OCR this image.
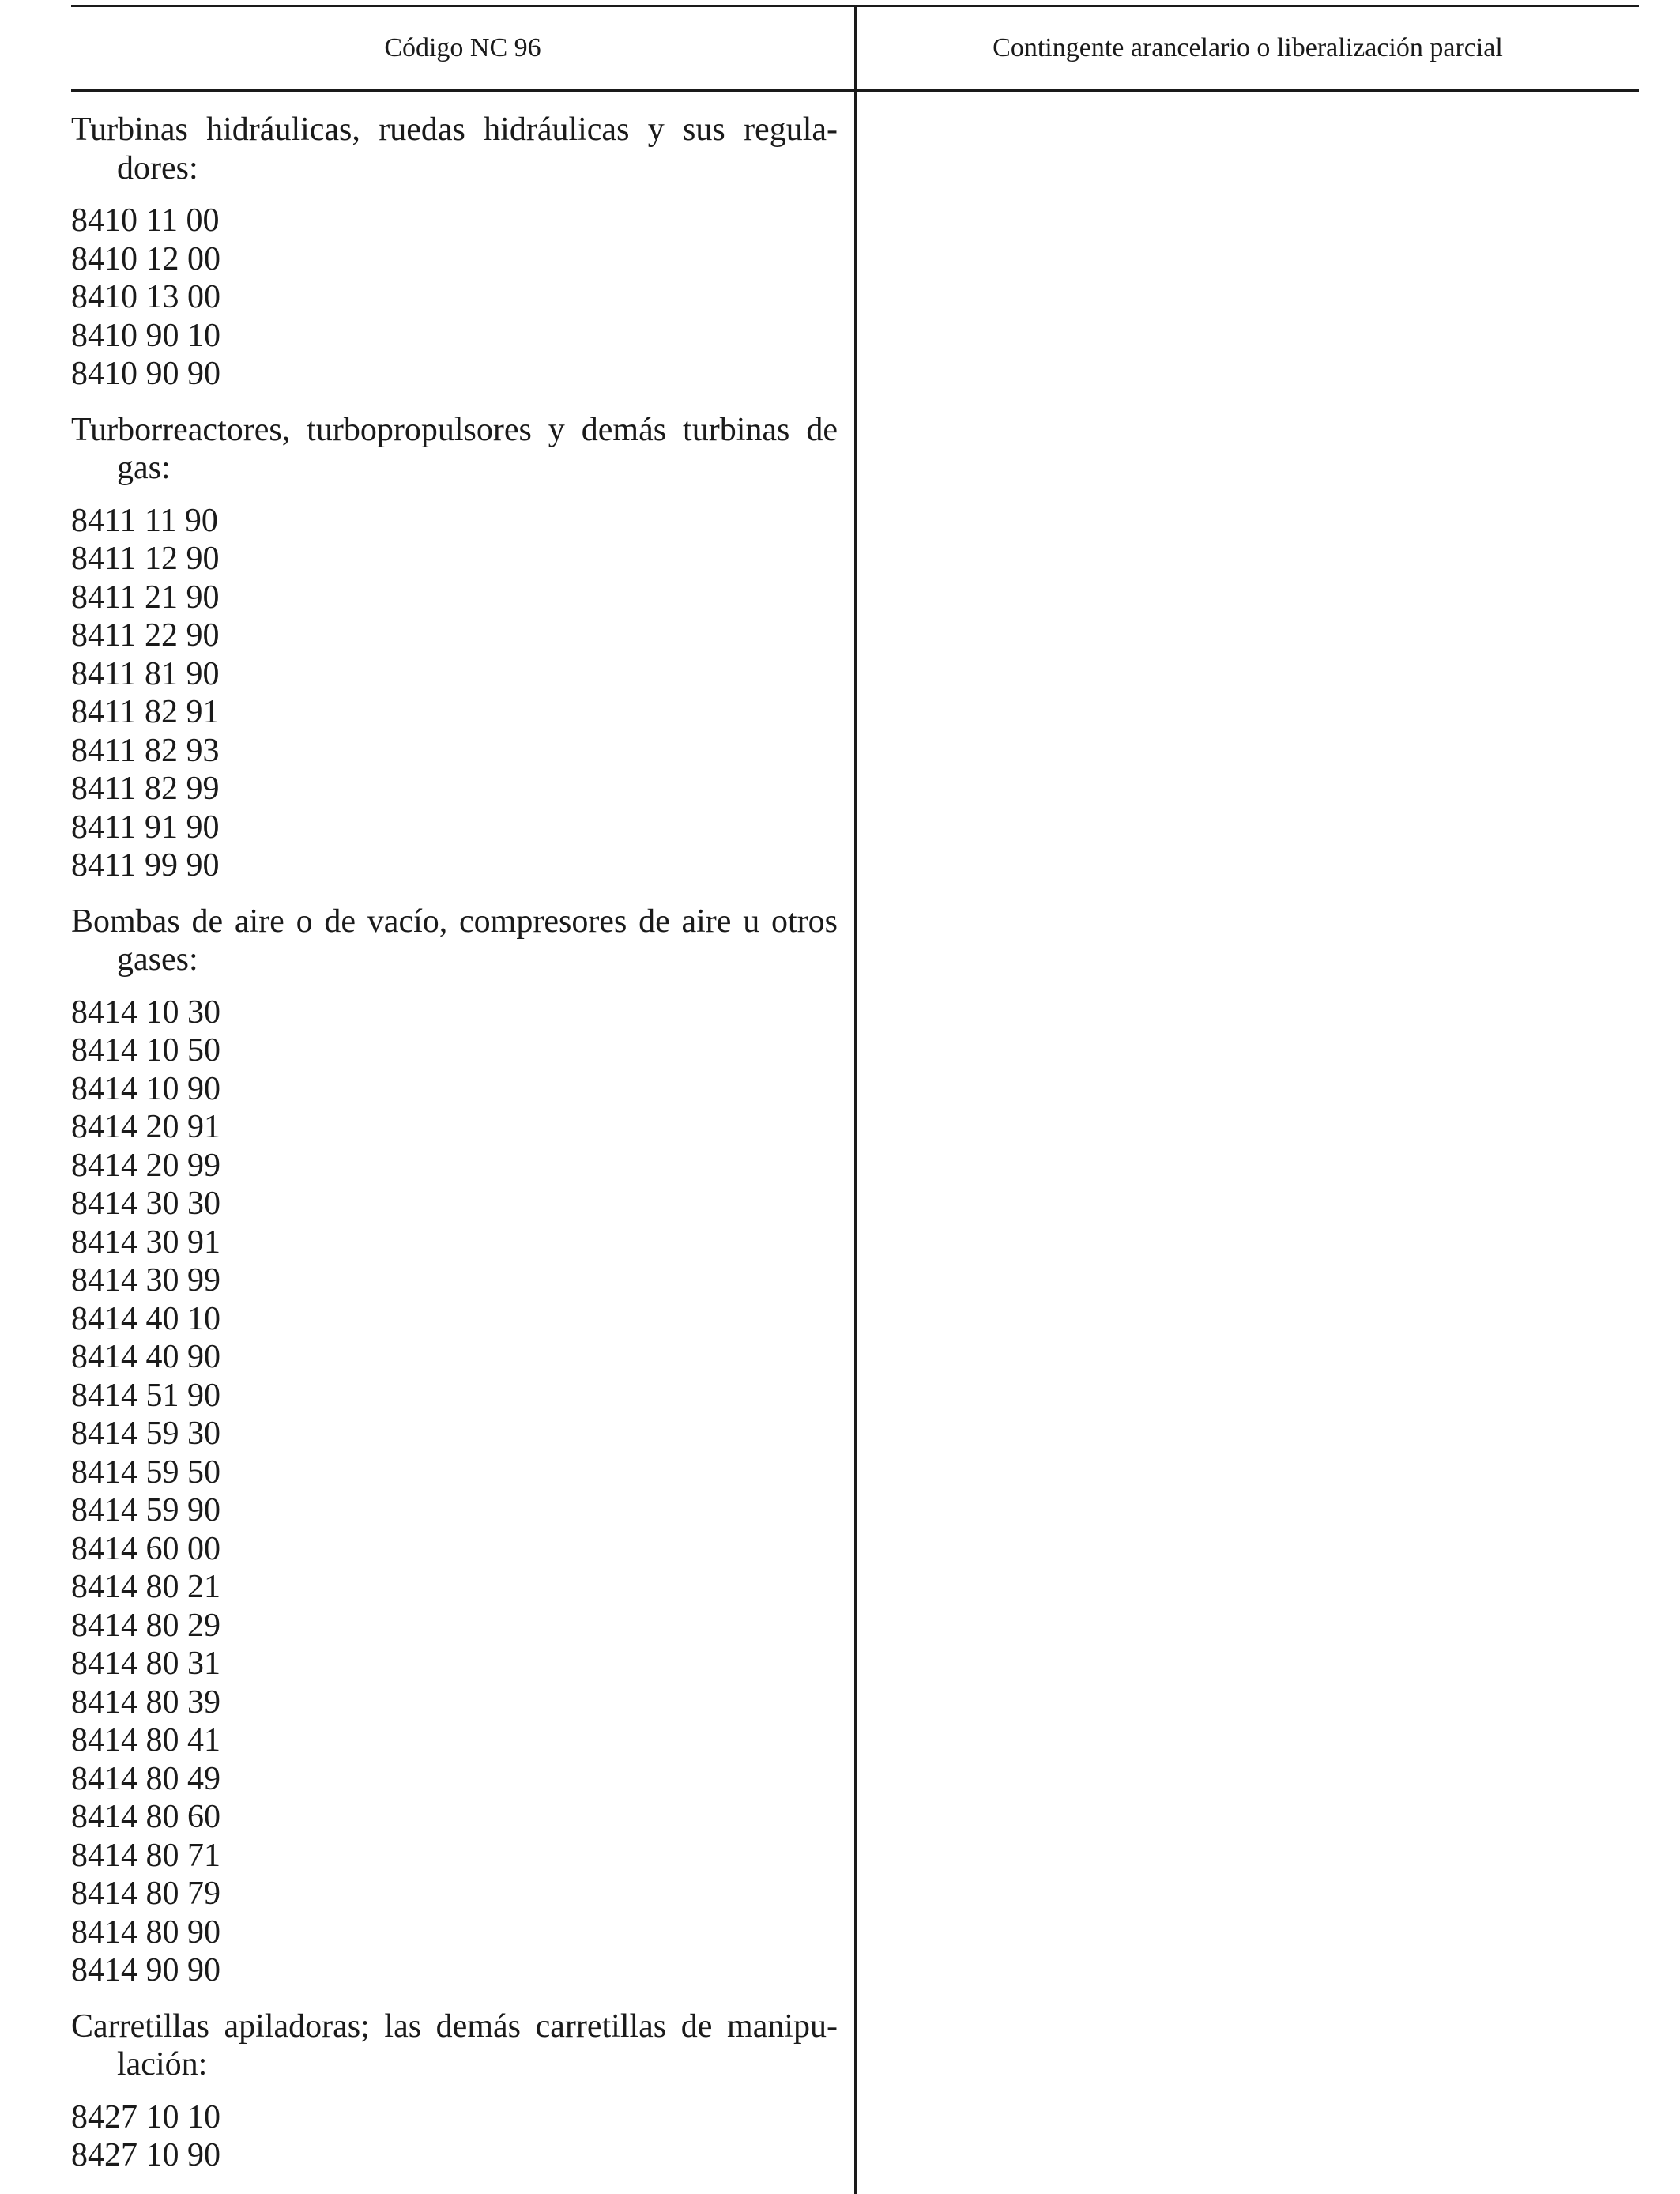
Código NC 96	Contingente arancelario o liberalización parcial
Turbinas hidráulicas, ruedas hidráulicas y sus regula-dores:
8410 11 00
8410 12 00
8410 13 00
8410 90 10
8410 90 90
Turborreactores, turbopropulsores y demás turbinas de gas:
8411 11 90
8411 12 90
8411 21 90
8411 22 90
8411 81 90
8411 82 91
8411 82 93
8411 82 99
8411 91 90
8411 99 90
Bombas de aire o de vacío, compresores de aire u otros gases:
8414 10 30
8414 10 50
8414 10 90
8414 20 91
8414 20 99
8414 30 30
8414 30 91
8414 30 99
8414 40 10
8414 40 90
8414 51 90
8414 59 30
8414 59 50
8414 59 90
8414 60 00
8414 80 21
8414 80 29
8414 80 31
8414 80 39
8414 80 41
8414 80 49
8414 80 60
8414 80 71
8414 80 79
8414 80 90
8414 90 90
Carretillas apiladoras; las demás carretillas de manipu-lación:
8427 10 10
8427 10 90
